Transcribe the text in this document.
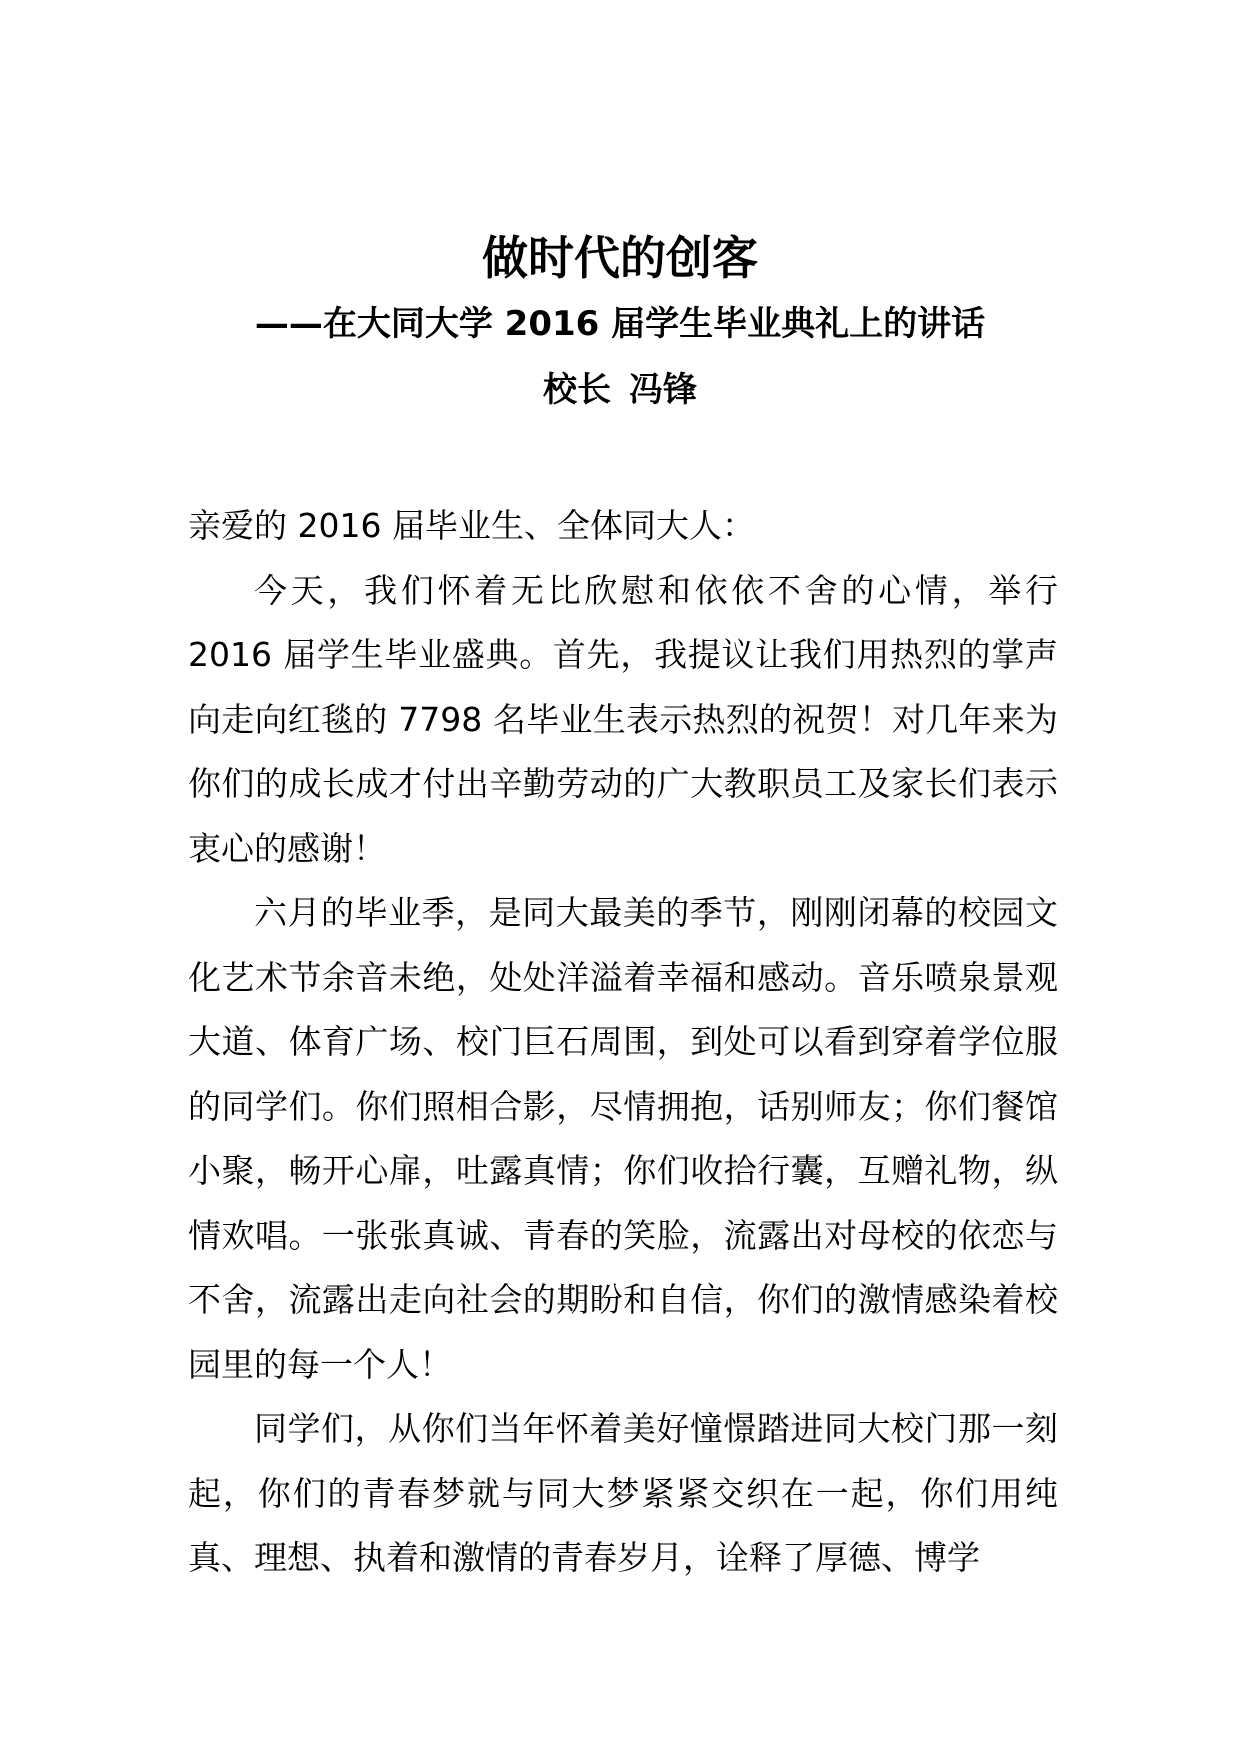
做时代的创客
——在大同大学 2016 届学生毕业典礼上的讲话
校长 冯锋

亲爱的 2016 届毕业生、全体同大人：

今天，我们怀着无比欣慰和依依不舍的心情，举行 2016 届学生毕业盛典。首先，我提议让我们用热烈的掌声向走向红毯的 7798 名毕业生表示热烈的祝贺！对几年来为你们的成长成才付出辛勤劳动的广大教职员工及家长们表示衷心的感谢！

六月的毕业季，是同大最美的季节，刚刚闭幕的校园文化艺术节余音未绝，处处洋溢着幸福和感动。音乐喷泉景观大道、体育广场、校门巨石周围，到处可以看到穿着学位服的同学们。你们照相合影，尽情拥抱，话别师友；你们餐馆小聚，畅开心扉，吐露真情；你们收拾行囊，互赠礼物，纵情欢唱。一张张真诚、青春的笑脸，流露出对母校的依恋与不舍，流露出走向社会的期盼和自信，你们的激情感染着校园里的每一个人！

同学们，从你们当年怀着美好憧憬踏进同大校门那一刻起，你们的青春梦就与同大梦紧紧交织在一起，你们用纯真、理想、执着和激情的青春岁月，诠释了厚德、博学
